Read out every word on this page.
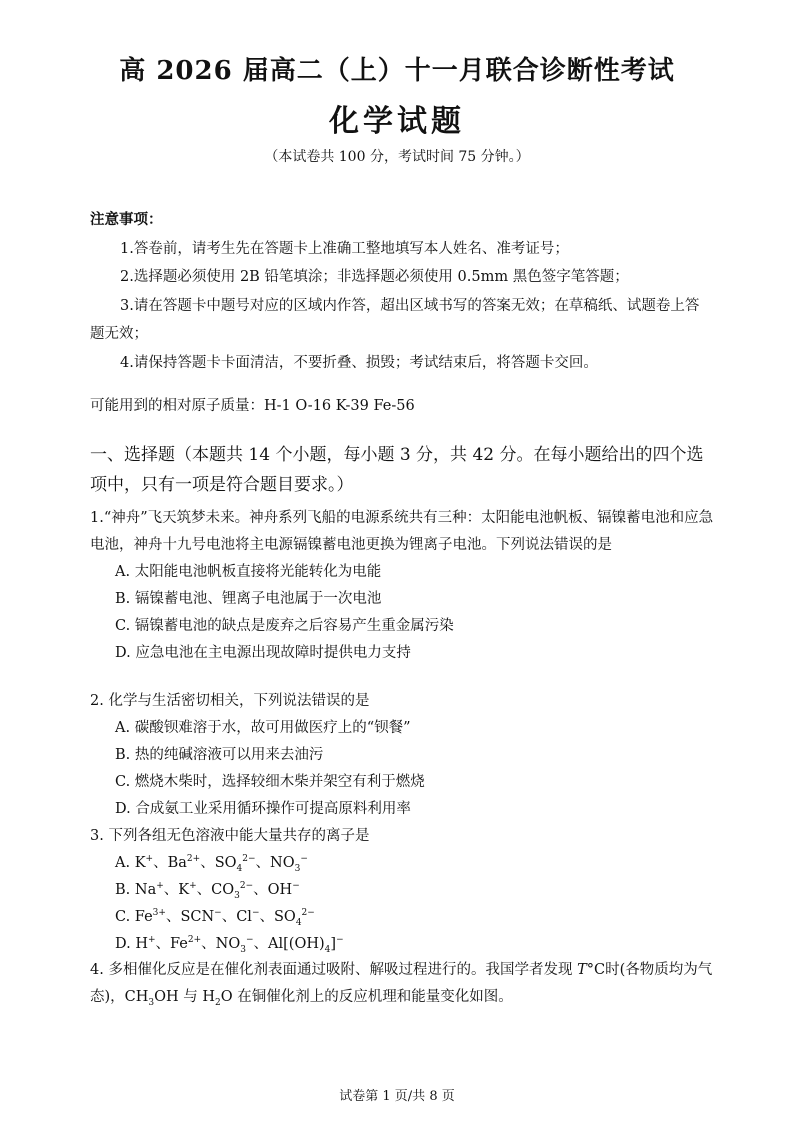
高 2026 届高二（上）十一月联合诊断性考试
化学试题
（本试卷共 100 分，考试时间 75 分钟。）
注意事项：
1.答卷前，请考生先在答题卡上准确工整地填写本人姓名、准考证号；
2.选择题必须使用 2B 铅笔填涂；非选择题必须使用 0.5mm 黑色签字笔答题；
3.请在答题卡中题号对应的区域内作答，超出区域书写的答案无效；在草稿纸、试题卷上答题无效；
4.请保持答题卡卡面清洁，不要折叠、损毁；考试结束后，将答题卡交回。
可能用到的相对原子质量：H-1 O-16 K-39 Fe-56
一、选择题（本题共 14 个小题，每小题 3 分，共 42 分。在每小题给出的四个选项中，只有一项是符合题目要求。）
1.“神舟”飞天筑梦未来。神舟系列飞船的电源系统共有三种：太阳能电池帆板、镉镍蓄电池和应急电池，神舟十九号电池将主电源镉镍蓄电池更换为锂离子电池。下列说法错误的是
A. 太阳能电池帆板直接将光能转化为电能
B. 镉镍蓄电池、锂离子电池属于一次电池
C. 镉镍蓄电池的缺点是废弃之后容易产生重金属污染
D. 应急电池在主电源出现故障时提供电力支持
2. 化学与生活密切相关，下列说法错误的是
A. 碳酸钡难溶于水，故可用做医疗上的“钡餐”
B. 热的纯碱溶液可以用来去油污
C. 燃烧木柴时，选择较细木柴并架空有利于燃烧
D. 合成氨工业采用循环操作可提高原料利用率
3. 下列各组无色溶液中能大量共存的离子是
A. K+、$Ba^{2+}$、$SO_4^{2-}$、$NO_3^-$
B. Na+、K+、$CO_3^{2-}$、OH−
C. $Fe^{3+}$、SCN−、Cl−、$SO_4^{2-}$
D. H+、$Fe^{2+}$、$NO_3^-$、$Al[(OH)_4]^-$
4. 多相催化反应是在催化剂表面通过吸附、解吸过程进行的。我国学者发现 T°C时(各物质均为气态)，$CH_3OH$ 与 $H_2O$ 在铜催化剂上的反应机理和能量变化如图。
试卷第 1 页/共 8 页
